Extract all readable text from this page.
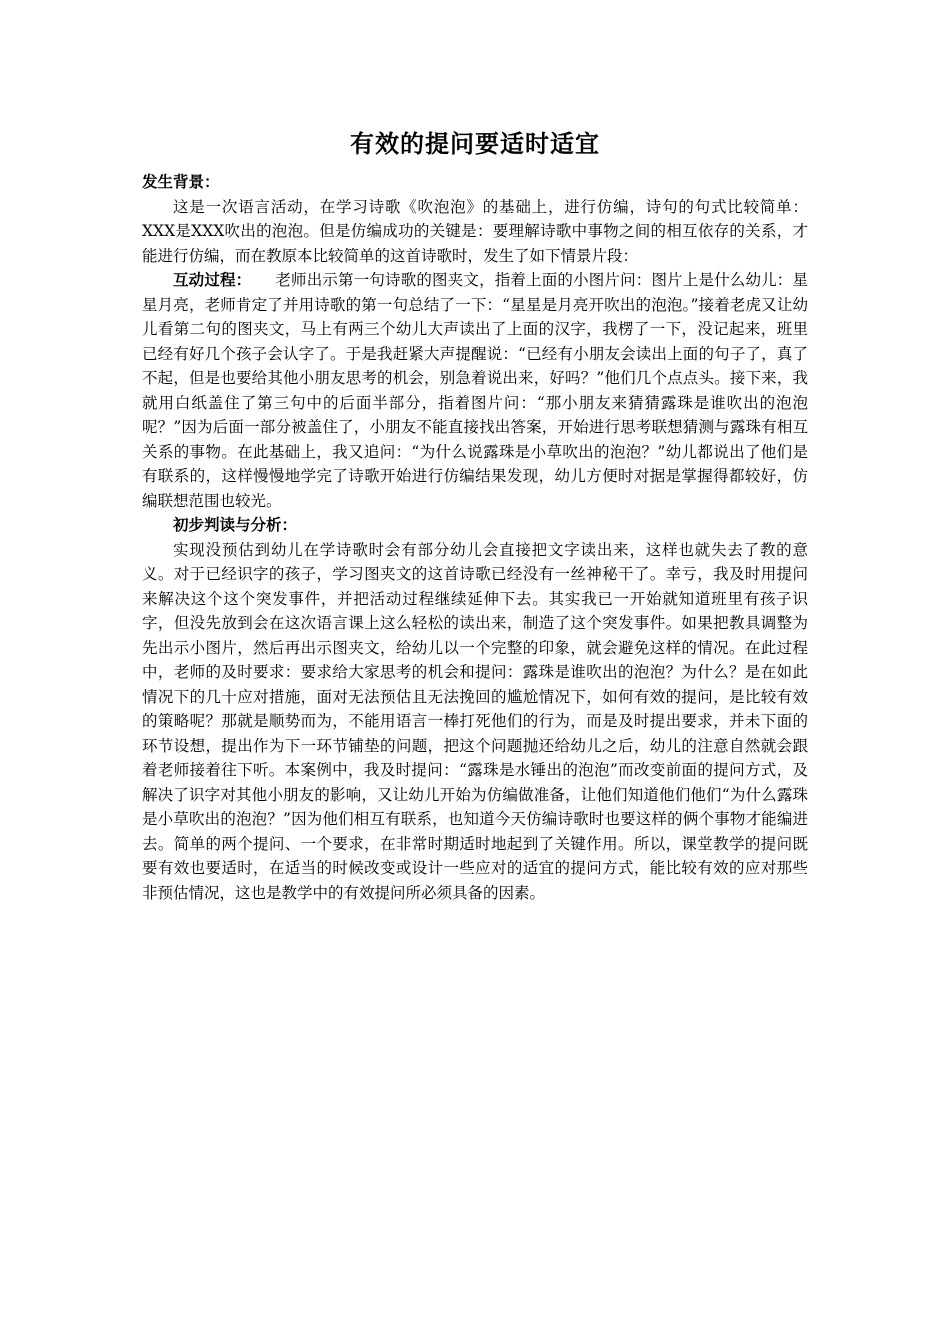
有效的提问要适时适宜

发生背景：

这是一次语言活动，在学习诗歌《吹泡泡》的基础上，进行仿编，诗句的句式比较简单：XXX是XXX吹出的泡泡。但是仿编成功的关键是：要理解诗歌中事物之间的相互依存的关系，才能进行仿编，而在教原本比较简单的这首诗歌时，发生了如下情景片段：

互动过程： 老师出示第一句诗歌的图夹文，指着上面的小图片问：图片上是什么幼儿：星星月亮，老师肯定了并用诗歌的第一句总结了一下：“星星是月亮开吹出的泡泡。”接着老虎又让幼儿看第二句的图夹文，马上有两三个幼儿大声读出了上面的汉字，我楞了一下，没记起来，班里已经有好几个孩子会认字了。于是我赶紧大声提醒说：“已经有小朋友会读出上面的句子了，真了不起，但是也要给其他小朋友思考的机会，别急着说出来，好吗？”他们几个点点头。接下来，我就用白纸盖住了第三句中的后面半部分，指着图片问：“那小朋友来猜猜露珠是谁吹出的泡泡呢？”因为后面一部分被盖住了，小朋友不能直接找出答案，开始进行思考联想猜测与露珠有相互关系的事物。在此基础上，我又追问：“为什么说露珠是小草吹出的泡泡？”幼儿都说出了他们是有联系的，这样慢慢地学完了诗歌开始进行仿编结果发现，幼儿方便时对据是掌握得都较好，仿编联想范围也较光。

初步判读与分析：

实现没预估到幼儿在学诗歌时会有部分幼儿会直接把文字读出来，这样也就失去了教的意义。对于已经识字的孩子，学习图夹文的这首诗歌已经没有一丝神秘干了。幸亏，我及时用提问来解决这个这个突发事件，并把活动过程继续延伸下去。其实我已一开始就知道班里有孩子识字，但没先放到会在这次语言课上这么轻松的读出来，制造了这个突发事件。如果把教具调整为先出示小图片，然后再出示图夹文，给幼儿以一个完整的印象，就会避免这样的情况。在此过程中，老师的及时要求：要求给大家思考的机会和提问：露珠是谁吹出的泡泡？为什么？是在如此情况下的几十应对措施，面对无法预估且无法挽回的尴尬情况下，如何有效的提问，是比较有效的策略呢？那就是顺势而为，不能用语言一棒打死他们的行为，而是及时提出要求，并未下面的环节设想，提出作为下一环节铺垫的问题，把这个问题抛还给幼儿之后，幼儿的注意自然就会跟着老师接着往下听。本案例中，我及时提问：“露珠是水锤出的泡泡”而改变前面的提问方式，及解决了识字对其他小朋友的影响，又让幼儿开始为仿编做准备，让他们知道他们他们“为什么露珠是小草吹出的泡泡？”因为他们相互有联系，也知道今天仿编诗歌时也要这样的俩个事物才能编进去。简单的两个提问、一个要求，在非常时期适时地起到了关键作用。所以，课堂教学的提问既要有效也要适时，在适当的时候改变或设计一些应对的适宜的提问方式，能比较有效的应对那些非预估情况，这也是教学中的有效提问所必须具备的因素。
